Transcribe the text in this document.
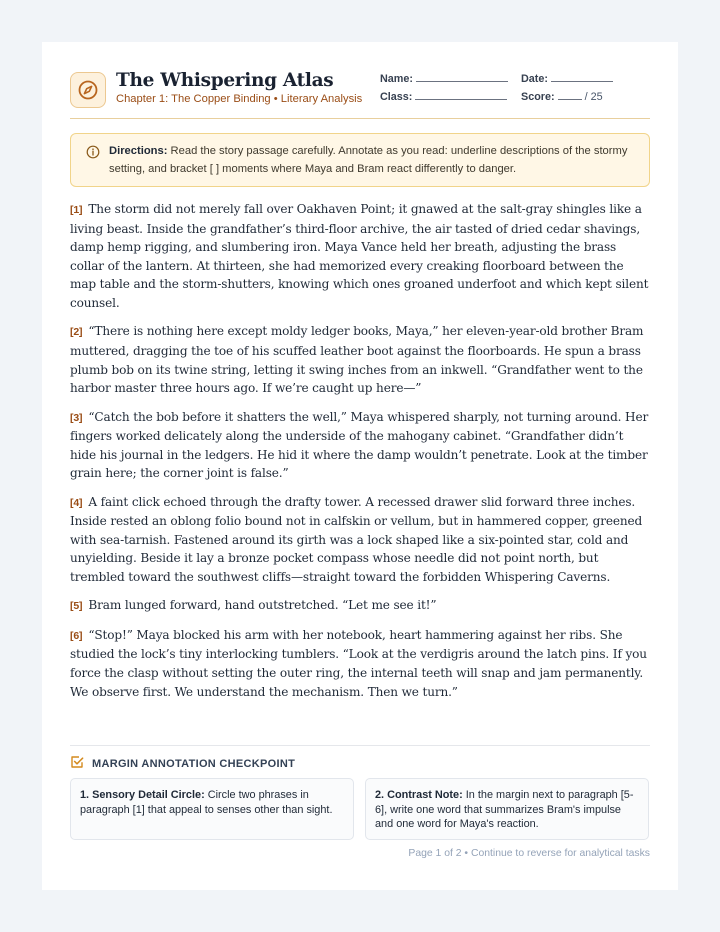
The Whispering Atlas
Chapter 1: The Copper Binding • Literary Analysis
Name:	Date:
Class:	Score:	/ 25
Directions: Read the story passage carefully. Annotate as you read: underline descriptions of the stormy setting, and bracket [ ] moments where Maya and Bram react differently to danger.

[1] The storm did not merely fall over Oakhaven Point; it gnawed at the salt-gray shingles like a living beast. Inside the grandfather’s third-floor archive, the air tasted of dried cedar shavings, damp hemp rigging, and slumbering iron. Maya Vance held her breath, adjusting the brass collar of the lantern. At thirteen, she had memorized every creaking floorboard between the map table and the storm-shutters, knowing which ones groaned underfoot and which kept silent counsel.

[2] “There is nothing here except moldy ledger books, Maya,” her eleven-year-old brother Bram muttered, dragging the toe of his scuffed leather boot against the floorboards. He spun a brass plumb bob on its twine string, letting it swing inches from an inkwell. “Grandfather went to the harbor master three hours ago. If we’re caught up here—”

[3] “Catch the bob before it shatters the well,” Maya whispered sharply, not turning around. Her fingers worked delicately along the underside of the mahogany cabinet. “Grandfather didn’t hide his journal in the ledgers. He hid it where the damp wouldn’t penetrate. Look at the timber grain here; the corner joint is false.”

[4] A faint click echoed through the drafty tower. A recessed drawer slid forward three inches. Inside rested an oblong folio bound not in calfskin or vellum, but in hammered copper, greened with sea-tarnish. Fastened around its girth was a lock shaped like a six-pointed star, cold and unyielding. Beside it lay a bronze pocket compass whose needle did not point north, but trembled toward the southwest cliffs—straight toward the forbidden Whispering Caverns.

[5] Bram lunged forward, hand outstretched. “Let me see it!”

[6] “Stop!” Maya blocked his arm with her notebook, heart hammering against her ribs. She studied the lock’s tiny interlocking tumblers. “Look at the verdigris around the latch pins. If you force the clasp without setting the outer ring, the internal teeth will snap and jam permanently. We observe first. We understand the mechanism. Then we turn.”

MARGIN ANNOTATION CHECKPOINT
1. Sensory Detail Circle: Circle two phrases in paragraph [1] that appeal to senses other than sight.
2. Contrast Note: In the margin next to paragraph [5-6], write one word that summarizes Bram's impulse and one word for Maya's reaction.
Page 1 of 2 • Continue to reverse for analytical tasks
